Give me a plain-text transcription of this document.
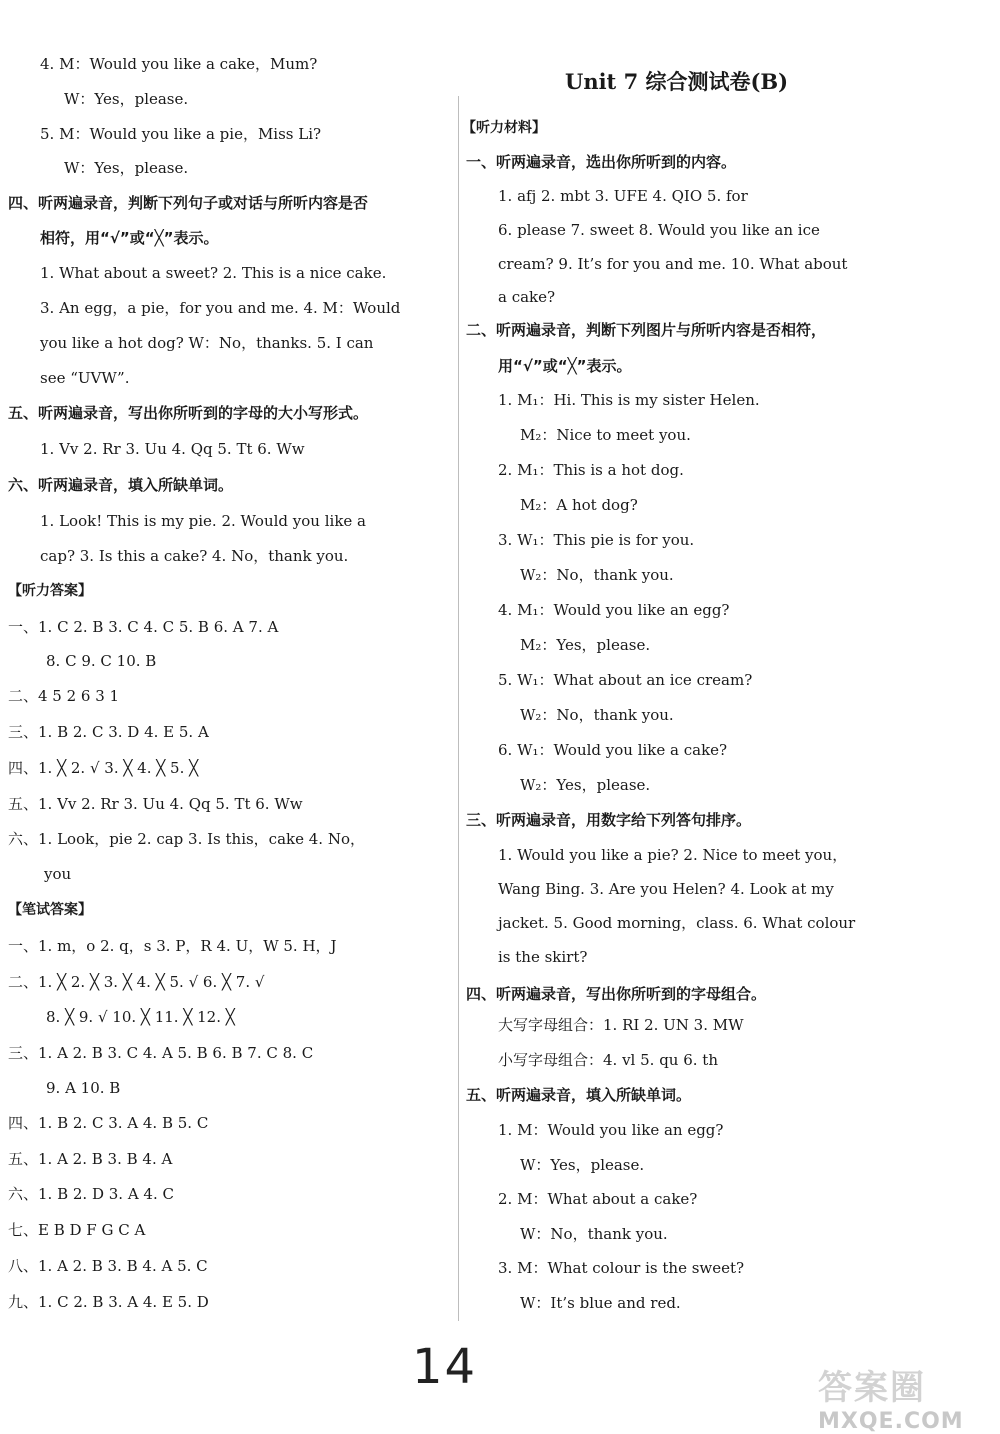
4. M：Would you like a cake，Mum?
W：Yes，please.
5. M：Would you like a pie，Miss Li?
W：Yes，please.
四、听两遍录音，判断下列句子或对话与所听内容是否
相符，用“√”或“╳”表示。
1. What about a sweet? 2. This is a nice cake.
3. An egg，a pie，for you and me. 4. M：Would
you like a hot dog? W：No，thanks. 5. I can
see “UVW”.
五、听两遍录音，写出你所听到的字母的大小写形式。
1. Vv 2. Rr 3. Uu 4. Qq 5. Tt 6. Ww
六、听两遍录音，填入所缺单词。
1. Look! This is my pie. 2. Would you like a
cap? 3. Is this a cake? 4. No，thank you.
【听力答案】
一、1. C 2. B 3. C 4. C 5. B 6. A 7. A
8. C 9. C 10. B
二、4 5 2 6 3 1
三、1. B 2. C 3. D 4. E 5. A
四、1. ╳ 2. √ 3. ╳ 4. ╳ 5. ╳
五、1. Vv 2. Rr 3. Uu 4. Qq 5. Tt 6. Ww
六、1. Look，pie 2. cap 3. Is this，cake 4. No，
you
【笔试答案】
一、1. m，o 2. q，s 3. P，R 4. U，W 5. H，J
二、1. ╳ 2. ╳ 3. ╳ 4. ╳ 5. √ 6. ╳ 7. √
8. ╳ 9. √ 10. ╳ 11. ╳ 12. ╳
三、1. A 2. B 3. C 4. A 5. B 6. B 7. C 8. C
9. A 10. B
四、1. B 2. C 3. A 4. B 5. C
五、1. A 2. B 3. B 4. A
六、1. B 2. D 3. A 4. C
七、E B D F G C A
八、1. A 2. B 3. B 4. A 5. C
九、1. C 2. B 3. A 4. E 5. D
Unit 7 综合测试卷(B)
【听力材料】
一、听两遍录音，选出你所听到的内容。
1. afj 2. mbt 3. UFE 4. QIO 5. for
6. please 7. sweet 8. Would you like an ice
cream? 9. It’s for you and me. 10. What about
a cake?
二、听两遍录音，判断下列图片与所听内容是否相符，
用“√”或“╳”表示。
1. M₁：Hi. This is my sister Helen.
M₂：Nice to meet you.
2. M₁：This is a hot dog.
M₂：A hot dog?
3. W₁：This pie is for you.
W₂：No，thank you.
4. M₁：Would you like an egg?
M₂：Yes，please.
5. W₁：What about an ice cream?
W₂：No，thank you.
6. W₁：Would you like a cake?
W₂：Yes，please.
三、听两遍录音，用数字给下列答句排序。
1. Would you like a pie? 2. Nice to meet you，
Wang Bing. 3. Are you Helen? 4. Look at my
jacket. 5. Good morning，class. 6. What colour
is the skirt?
四、听两遍录音，写出你所听到的字母组合。
大写字母组合：1. RI 2. UN 3. MW
小写字母组合：4. vl 5. qu 6. th
五、听两遍录音，填入所缺单词。
1. M：Would you like an egg?
W：Yes，please.
2. M：What about a cake?
W：No，thank you.
3. M：What colour is the sweet?
W：It’s blue and red.
14	答案圈
MXQE.COM
